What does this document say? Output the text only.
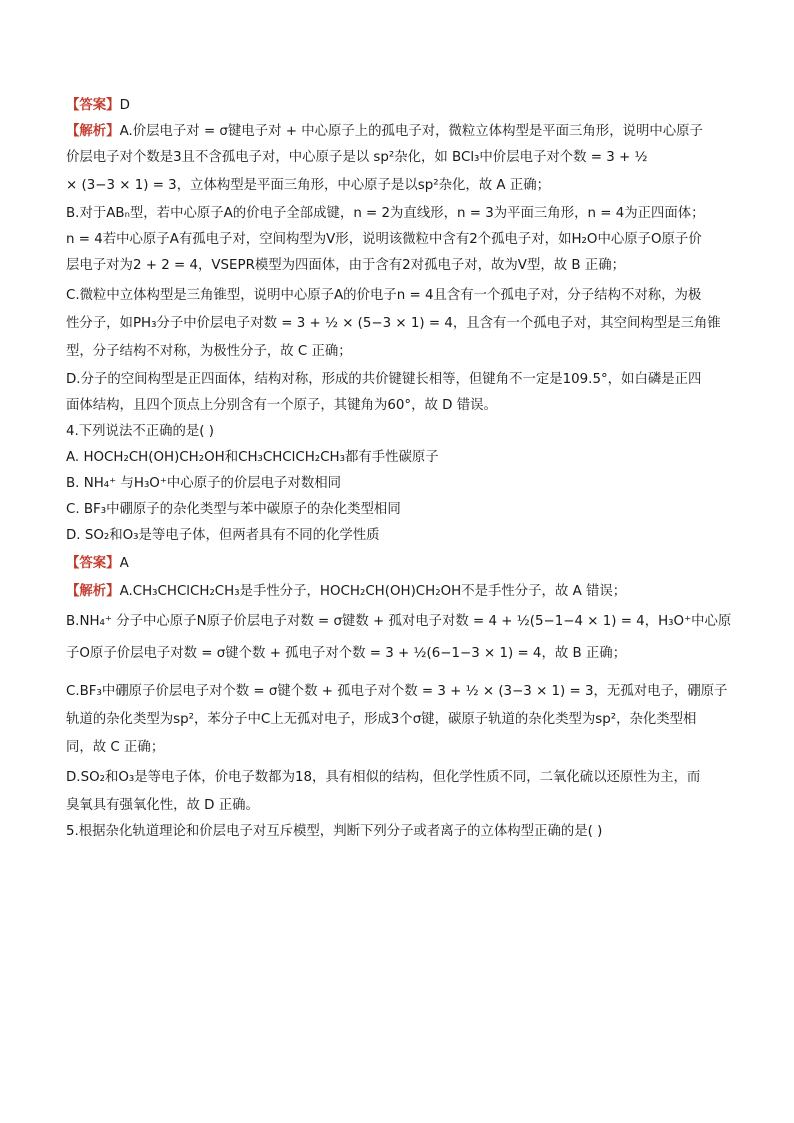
【答案】D
【解析】A.价层电子对 = σ键电子对 + 中心原子上的孤电子对，微粒立体构型是平面三角形，说明中心原子
价层电子对个数是3且不含孤电子对，中心原子是以 sp²杂化，如 BCl₃中价层电子对个数 = 3 + ½
× (3−3 × 1) = 3，立体构型是平面三角形，中心原子是以sp²杂化，故 A 正确；
B.对于ABₙ型，若中心原子A的价电子全部成键，n = 2为直线形，n = 3为平面三角形，n = 4为正四面体；
n = 4若中心原子A有孤电子对，空间构型为V形，说明该微粒中含有2个孤电子对，如H₂O中心原子O原子价
层电子对为2 + 2 = 4，VSEPR模型为四面体，由于含有2对孤电子对，故为V型，故 B 正确；
C.微粒中立体构型是三角锥型，说明中心原子A的价电子n = 4且含有一个孤电子对，分子结构不对称，为极
性分子，如PH₃分子中价层电子对数 = 3 + ½ × (5−3 × 1) = 4，且含有一个孤电子对，其空间构型是三角锥
型，分子结构不对称，为极性分子，故 C 正确；
D.分子的空间构型是正四面体，结构对称，形成的共价键键长相等，但键角不一定是109.5°，如白磷是正四
面体结构，且四个顶点上分别含有一个原子，其键角为60°，故 D 错误。
4.下列说法不正确的是( )
A. HOCH₂CH(OH)CH₂OH和CH₃CHClCH₂CH₃都有手性碳原子
B. NH₄⁺ 与H₃O⁺中心原子的价层电子对数相同
C. BF₃中硼原子的杂化类型与苯中碳原子的杂化类型相同
D. SO₂和O₃是等电子体，但两者具有不同的化学性质
【答案】A
【解析】A.CH₃CHClCH₂CH₃是手性分子，HOCH₂CH(OH)CH₂OH不是手性分子，故 A 错误；
B.NH₄⁺ 分子中心原子N原子价层电子对数 = σ键数 + 孤对电子对数 = 4 + ½(5−1−4 × 1) = 4，H₃O⁺中心原
子O原子价层电子对数 = σ键个数 + 孤电子对个数 = 3 + ½(6−1−3 × 1) = 4，故 B 正确；
C.BF₃中硼原子价层电子对个数 = σ键个数 + 孤电子对个数 = 3 + ½ × (3−3 × 1) = 3，无孤对电子，硼原子
轨道的杂化类型为sp²，苯分子中C上无孤对电子，形成3个σ键，碳原子轨道的杂化类型为sp²，杂化类型相
同，故 C 正确；
D.SO₂和O₃是等电子体，价电子数都为18，具有相似的结构，但化学性质不同，二氧化硫以还原性为主，而
臭氧具有强氧化性，故 D 正确。
5.根据杂化轨道理论和价层电子对互斥模型，判断下列分子或者离子的立体构型正确的是( )
